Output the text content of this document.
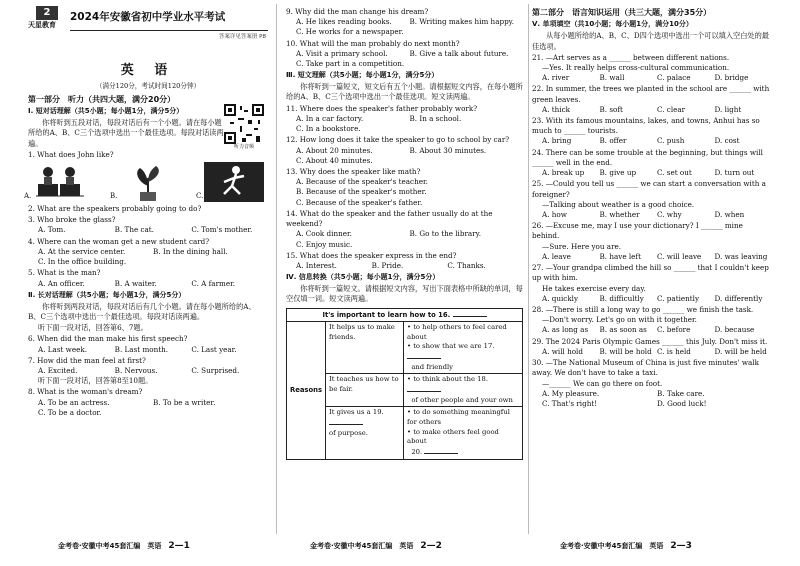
2
天星教育
2024年安徽省初中学业水平考试
答案详见答案册 P8
英 语
（满分120分，考试时间120分钟）
听力音频
第一部分　听力（共四大题，满分20分）
Ⅰ. 短对话理解（共5小题；每小题1分，满分5分）
你将听到五段对话，每段对话后有一个小题。请在每小题所给的A、B、C三个选项中选出一个最佳选项。每段对话读两遍。
1. What does John like?
A.	B.	C.
2. What are the speakers probably going to do?
3. Who broke the glass?
A. Tom.	B. The cat.	C. Tom's mother.
4. Where can the woman get a new student card?
A. At the service center.	B. In the dining hall.
C. In the office building.
5. What is the man?
A. An officer.	B. A waiter.	C. A farmer.
Ⅱ. 长对话理解（共5小题；每小题1分，满分5分）
你将听到两段对话，每段对话后有几个小题。请在每小题所给的A、B、C三个选项中选出一个最佳选项。每段对话读两遍。
听下面一段对话，回答第6、7题。
6. When did the man make his first speech?
A. Last week.	B. Last month.	C. Last year.
7. How did the man feel at first?
A. Excited.	B. Nervous.	C. Surprised.
听下面一段对话，回答第8至10题。
8. What is the woman's dream?
A. To be an actress.	B. To be a writer.
C. To be a doctor.
9. Why did the man change his dream?
A. He likes reading books.	B. Writing makes him happy.
C. He works for a newspaper.
10. What will the man probably do next month?
A. Visit a primary school.	B. Give a talk about future.
C. Take part in a competition.
Ⅲ. 短文理解（共5小题；每小题1分，满分5分）
你将听到一篇短文，短文后有五个小题。请根据短文内容，在每小题所给的A、B、C三个选项中选出一个最佳选项。短文读两遍。
11. Where does the speaker's father probably work?
A. In a car factory.	B. In a school.
C. In a bookstore.
12. How long does it take the speaker to go to school by car?
A. About 20 minutes.	B. About 30 minutes.
C. About 40 minutes.
13. Why does the speaker like math?
A. Because of the speaker's teacher.
B. Because of the speaker's mother.
C. Because of the speaker's father.
14. What do the speaker and the father usually do at the weekend?
A. Cook dinner.	B. Go to the library.
C. Enjoy music.
15. What does the speaker express in the end?
A. Interest.	B. Pride.	C. Thanks.
Ⅳ. 信息转换（共5小题；每小题1分，满分5分）
你将听到一篇短文。请根据短文内容，写出下面表格中所缺的单词，每空仅填一词。短文读两遍。
It's important to learn how to 16.		
Reasons	It helps us to make friends.	• to help others to feel cared about
• to show that we are 17.
and friendly
	It teaches us how to be fair.	• to think about the 18.
of other people and your own
	It gives us a 19.
of purpose.	• to do something meaningful for others
• to make others feel good about
20.
第二部分　语言知识运用（共三大题，满分35分）
Ⅴ. 单项填空（共10小题；每小题1分，满分10分）
从每小题所给的A、B、C、D四个选项中选出一个可以填入空白处的最佳选项。
21. —Art serves as a ______ between different nations.
—Yes. It really helps cross-cultural communication.
A. river	B. wall	C. palace	D. bridge
22. In summer, the trees we planted in the school are ______ with green leaves.
A. thick	B. soft	C. clear	D. light
23. With its famous mountains, lakes, and towns, Anhui has so much to ______ tourists.
A. bring	B. offer	C. push	D. cost
24. There can be some trouble at the beginning, but things will ______ well in the end.
A. break up	B. give up	C. set out	D. turn out
25. —Could you tell us ______ we can start a conversation with a foreigner?
—Talking about weather is a good choice.
A. how	B. whether	C. why	D. when
26. —Excuse me, may I use your dictionary? I ______ mine behind.
—Sure. Here you are.
A. leave	B. have left	C. will leave	D. was leaving
27. —Your grandpa climbed the hill so ______ that I couldn't keep up with him.
He takes exercise every day.
A. quickly	B. difficultly	C. patiently	D. differently
28. —There is still a long way to go ______ we finish the task.
—Don't worry. Let's go on with it together.
A. as long as	B. as soon as	C. before	D. because
29. The 2024 Paris Olympic Games ______ this July. Don't miss it.
A. will hold	B. will be hold C. is held	D. will be held
30. —The National Museum of China is just five minutes' walk away. We don't have to take a taxi.
—______ We can go there on foot.
A. My pleasure.	B. Take care.
C. That's right!	D. Good luck!
金考卷·安徽中考45套汇编　英语　 2—1	金考卷·安徽中考45套汇编　英语　 2—2	金考卷·安徽中考45套汇编　英语　 2—3
